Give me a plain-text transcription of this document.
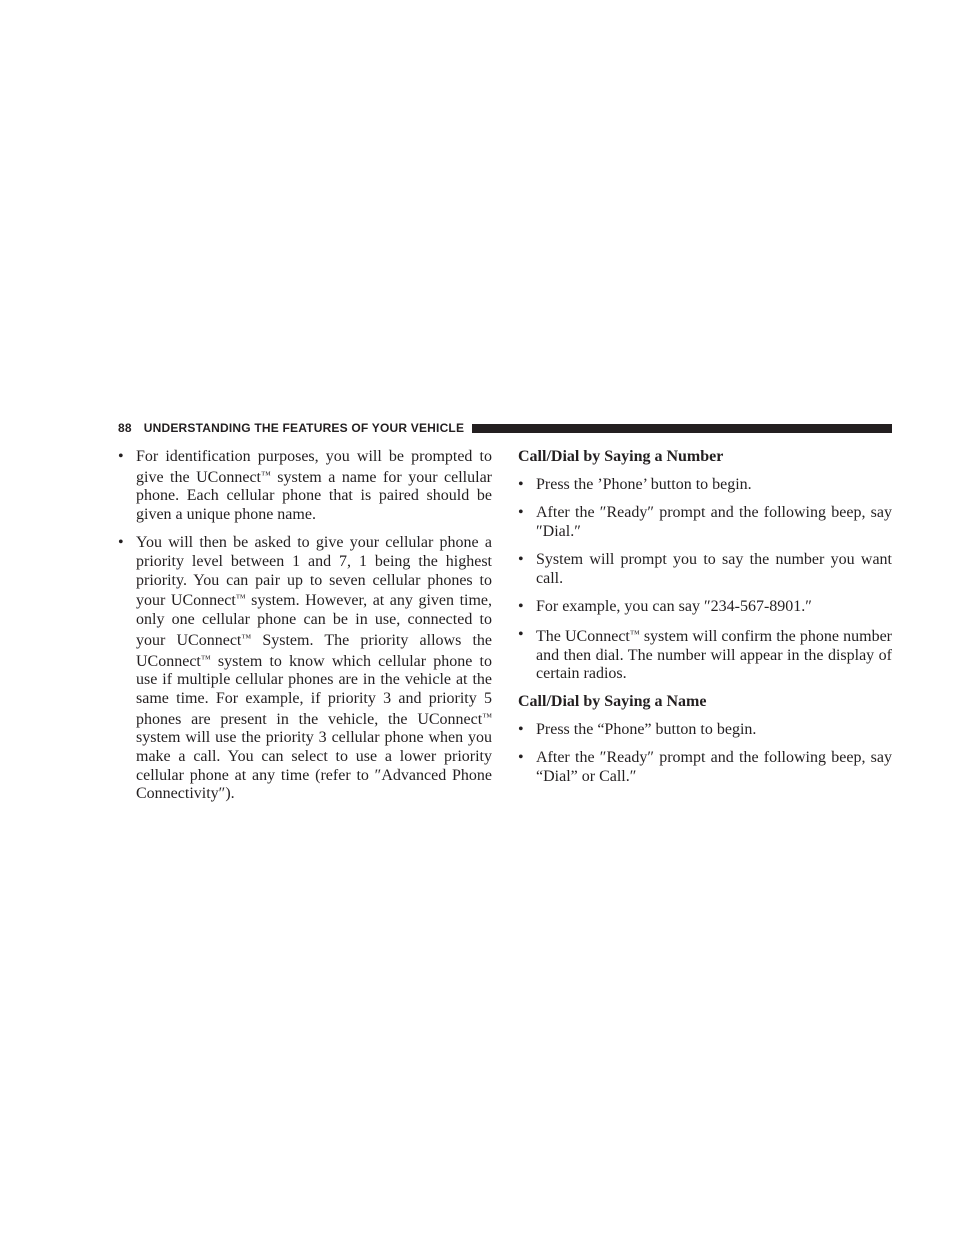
88 UNDERSTANDING THE FEATURES OF YOUR VEHICLE
• For identification purposes, you will be prompted to give the UConnect™ system a name for your cellular phone. Each cellular phone that is paired should be given a unique phone name.
• You will then be asked to give your cellular phone a priority level between 1 and 7, 1 being the highest priority. You can pair up to seven cellular phones to your UConnect™ system. However, at any given time, only one cellular phone can be in use, connected to your UConnect™ System. The priority allows the UConnect™ system to know which cellular phone to use if multiple cellular phones are in the vehicle at the same time. For example, if priority 3 and priority 5 phones are present in the vehicle, the UConnect™ system will use the priority 3 cellular phone when you make a call. You can select to use a lower priority cellular phone at any time (refer to ″Advanced Phone Connectivity″).
Call/Dial by Saying a Number
• Press the ’Phone’ button to begin.
• After the ″Ready″ prompt and the following beep, say ″Dial.″
• System will prompt you to say the number you want call.
• For example, you can say ″234-567-8901.″
• The UConnect™ system will confirm the phone number and then dial. The number will appear in the display of certain radios.
Call/Dial by Saying a Name
• Press the “Phone” button to begin.
• After the ″Ready″ prompt and the following beep, say “Dial” or Call.″
